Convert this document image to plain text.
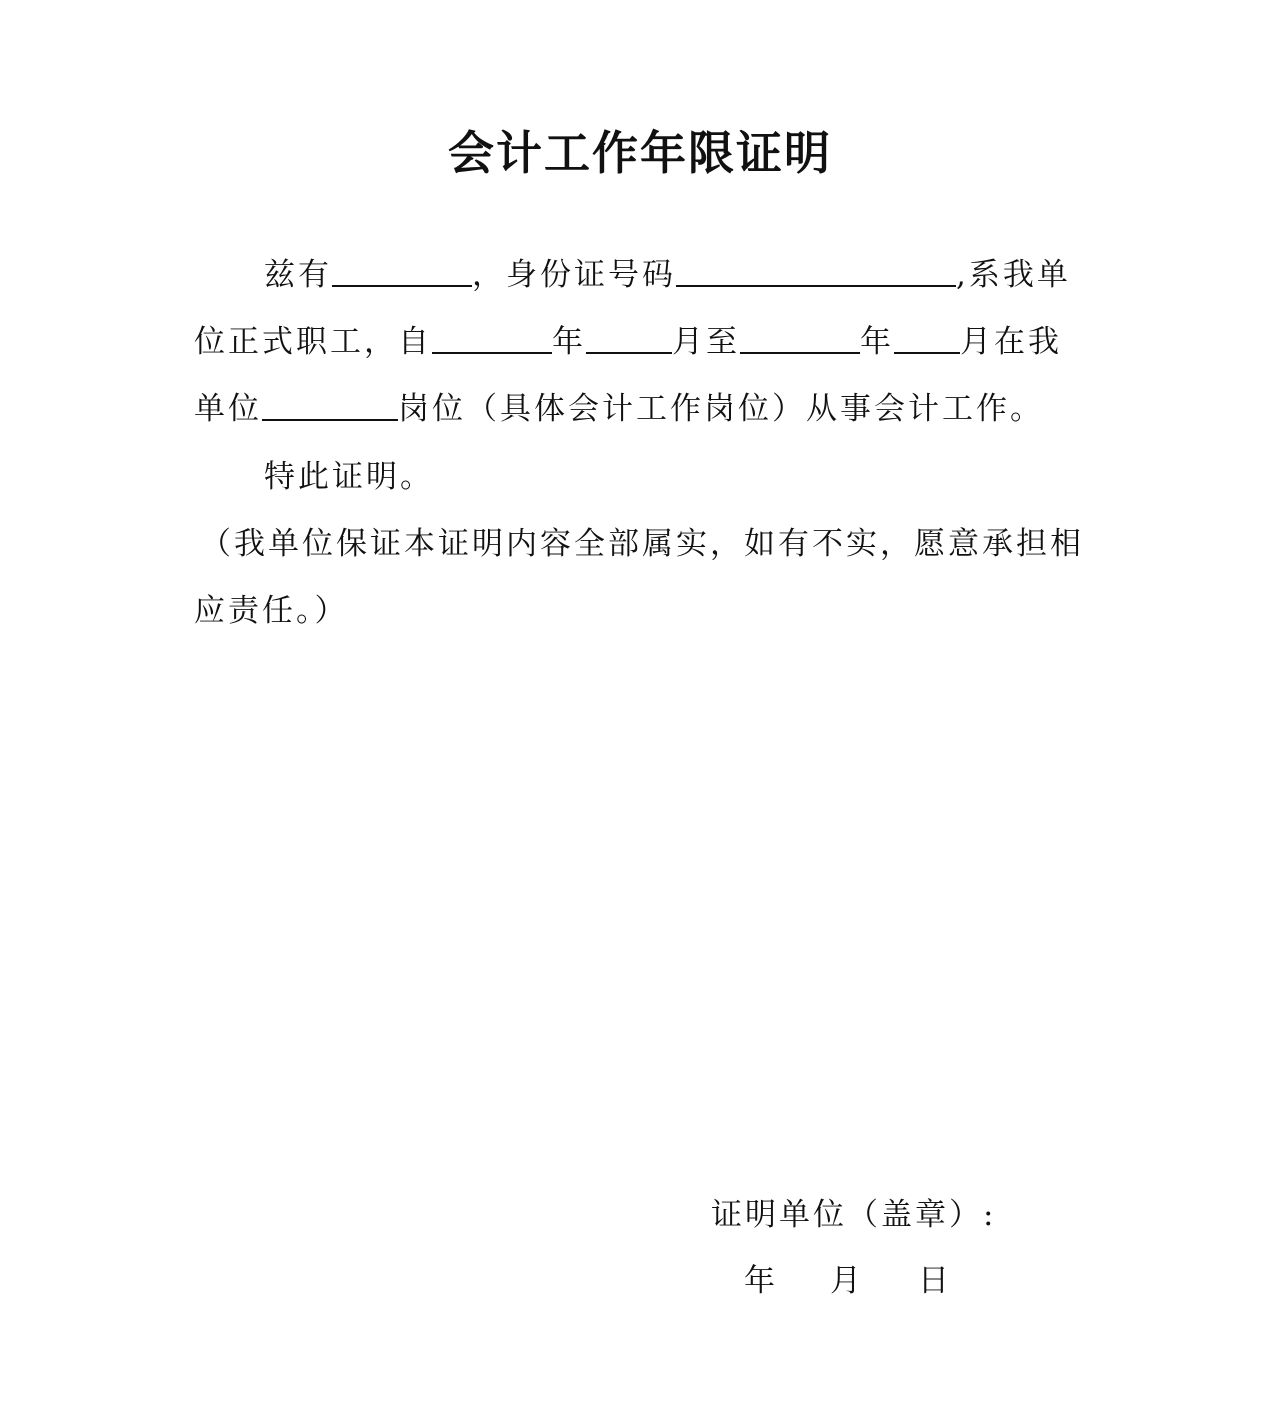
会计工作年限证明
兹有	，身份证号码	,系我单
位正式职工，自	年	月至	年 月在我
单位	岗位（具体会计工作岗位）从事会计工作。
特此证明。
（我单位保证本证明内容全部属实，如有不实，愿意承担相
应责任。）
证明单位（盖章）:
年 月 日
